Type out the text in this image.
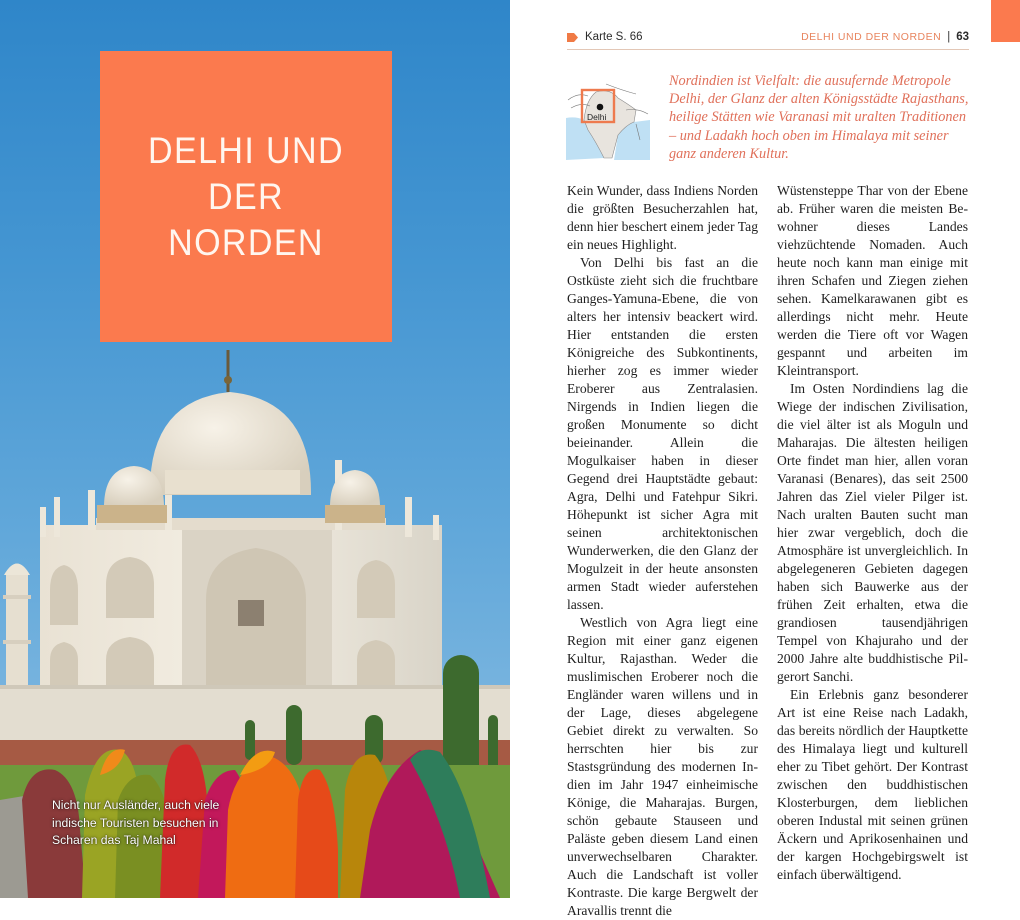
DELHI UND DER
NORDEN
Nicht nur Ausländer, auch viele indische Touristen besuchen in Scharen das Taj Mahal
Karte S. 66	DELHI UND DER NORDEN | 63
Delhi

Nordindien ist Vielfalt: die ausufernde Metropole Delhi, der Glanz der alten Königsstädte Rajasthans, heilige Stätten wie Varanasi mit uralten Traditionen – und Ladakh hoch oben im Himalaya mit seiner ganz anderen Kultur.

Kein Wunder, dass Indiens Norden die größten Besucherzahlen hat, denn hier beschert einem jeder Tag ein neues Highlight.

Von Delhi bis fast an die Ostküste zieht sich die fruchtbare Ganges-Yamuna-Ebene, die von alters her intensiv beackert wird. Hier entstanden die ersten Königreiche des Subkontinents, hierher zog es immer wieder Eroberer aus Zentralasien. Nirgends in Indien liegen die großen Monumente so dicht beieinander. Allein die Mogulkaiser haben in dieser Gegend drei Hauptstädte gebaut: Agra, Delhi und Fatehpur Sikri. Höhepunkt ist sicher Agra mit seinen architektonischen Wunderwerken, die den Glanz der Mogulzeit in der heute ansonsten armen Stadt wieder auferstehen lassen.

Westlich von Agra liegt eine Region mit einer ganz eigenen Kultur, Rajasthan. Weder die muslimischen Eroberer noch die Engländer waren willens und in der Lage, dieses abgelegene Gebiet direkt zu verwalten. So herrschten hier bis zur Stastsgründung des modernen Indien im Jahr 1947 einheimische Könige, die Maharajas. Burgen, schön gebaute Stauseen und Paläste geben diesem Land einen unverwechselbaren Charakter. Auch die Landschaft ist voller Kontraste. Die karge Bergwelt der Aravallis trennt die

Wüstensteppe Thar von der Ebene ab. Früher waren die meisten Bewohner dieses Landes viehzüchtende Nomaden. Auch heute noch kann man einige mit ihren Schafen und Ziegen ziehen sehen. Kamelkarawanen gibt es allerdings nicht mehr. Heute werden die Tiere oft vor Wagen gespannt und arbeiten im Kleintransport.

Im Osten Nordindiens lag die Wiege der indischen Zivilisation, die viel älter ist als Moguln und Maharajas. Die ältesten heiligen Orte findet man hier, allen voran Varanasi (Benares), das seit 2500 Jahren das Ziel vieler Pilger ist. Nach uralten Bauten sucht man hier zwar vergeblich, doch die Atmosphäre ist unvergleichlich. In abgelegeneren Gebieten dagegen haben sich Bauwerke aus der frühen Zeit erhalten, etwa die grandiosen tausendjährigen Tempel von Khajuraho und der 2000 Jahre alte buddhistische Pilgerort Sanchi.

Ein Erlebnis ganz besonderer Art ist eine Reise nach Ladakh, das bereits nördlich der Hauptkette des Himalaya liegt und kulturell eher zu Tibet gehört. Der Kontrast zwischen den buddhistischen Klosterburgen, dem lieblichen oberen Industal mit seinen grünen Äckern und Aprikosenhainen und der kargen Hochgebirgswelt ist einfach überwältigend.
